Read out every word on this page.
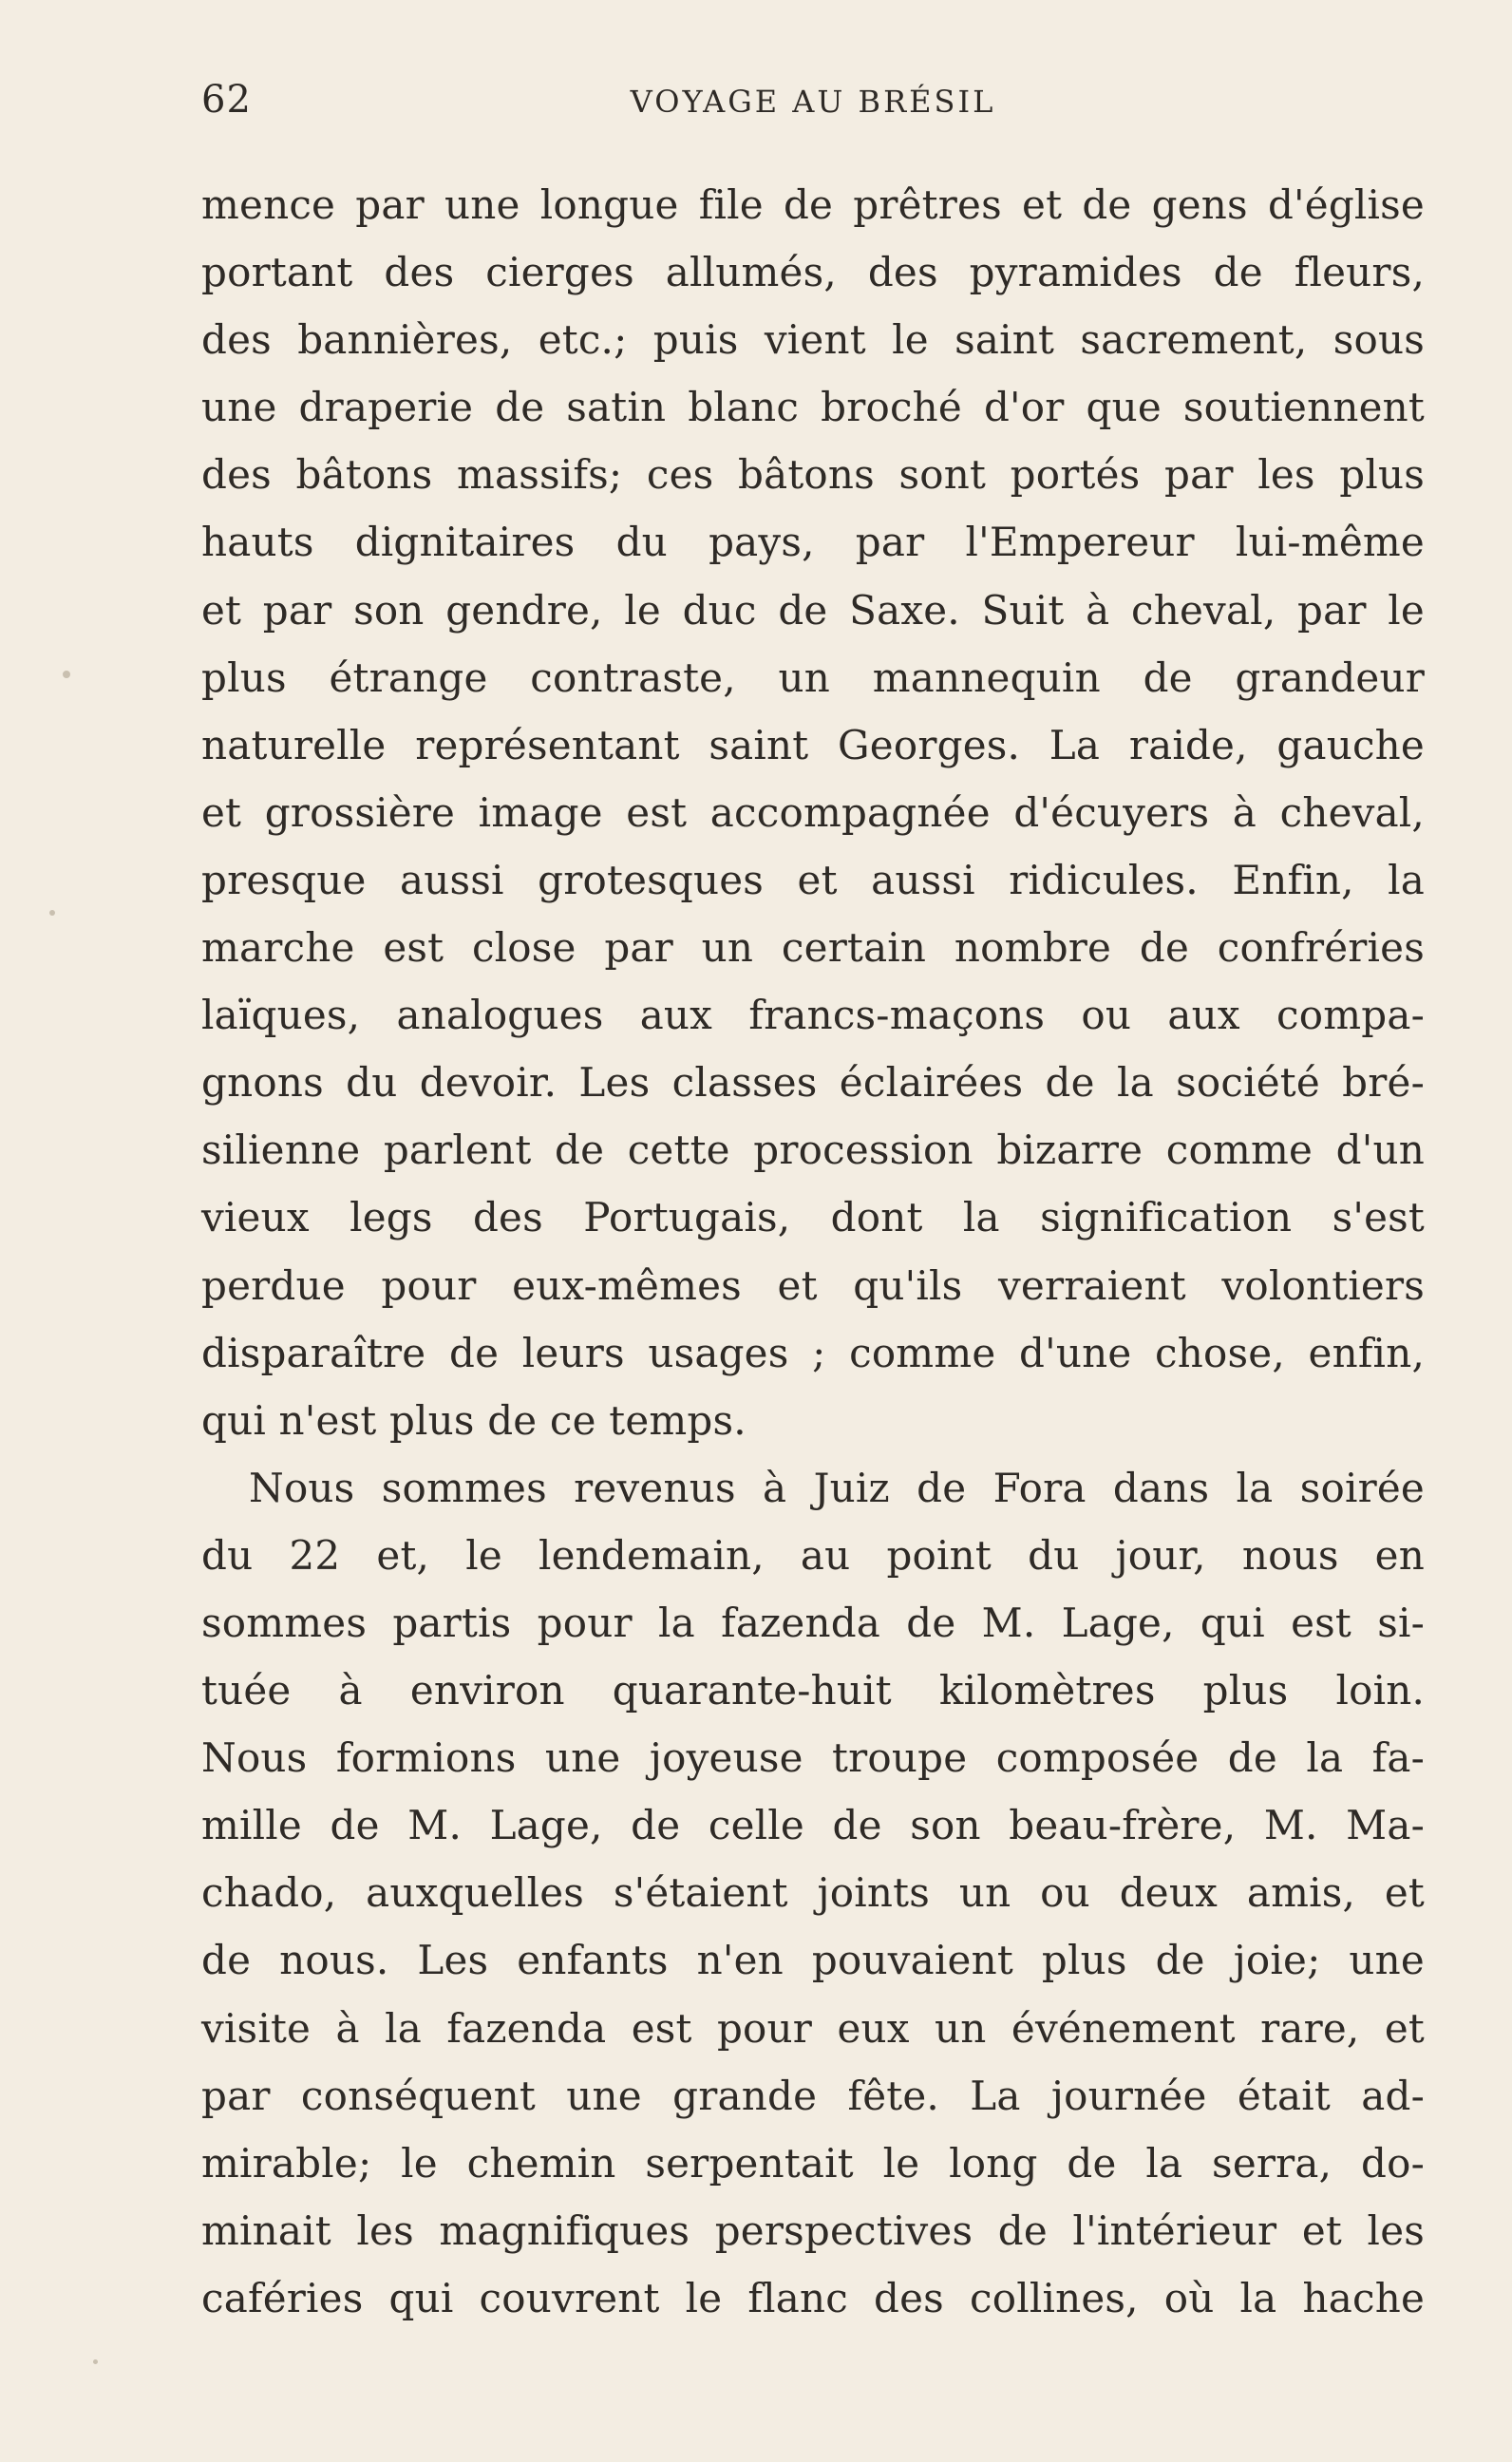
62	VOYAGE AU BRÉSIL
mence par une longue file de prêtres et de gens d'église
portant des cierges allumés, des pyramides de fleurs,
des bannières, etc.; puis vient le saint sacrement, sous
une draperie de satin blanc broché d'or que soutiennent
des bâtons massifs; ces bâtons sont portés par les plus
hauts dignitaires du pays, par l'Empereur lui-même
et par son gendre, le duc de Saxe. Suit à cheval, par le
plus étrange contraste, un mannequin de grandeur
naturelle représentant saint Georges. La raide, gauche
et grossière image est accompagnée d'écuyers à cheval,
presque aussi grotesques et aussi ridicules. Enfin, la
marche est close par un certain nombre de confréries
laïques, analogues aux francs-maçons ou aux compa-
gnons du devoir. Les classes éclairées de la société bré-
silienne parlent de cette procession bizarre comme d'un
vieux legs des Portugais, dont la signification s'est
perdue pour eux-mêmes et qu'ils verraient volontiers
disparaître de leurs usages ; comme d'une chose, enfin,
qui n'est plus de ce temps.
Nous sommes revenus à Juiz de Fora dans la soirée
du 22 et, le lendemain, au point du jour, nous en
sommes partis pour la fazenda de M. Lage, qui est si-
tuée à environ quarante-huit kilomètres plus loin.
Nous formions une joyeuse troupe composée de la fa-
mille de M. Lage, de celle de son beau-frère, M. Ma-
chado, auxquelles s'étaient joints un ou deux amis, et
de nous. Les enfants n'en pouvaient plus de joie; une
visite à la fazenda est pour eux un événement rare, et
par conséquent une grande fête. La journée était ad-
mirable; le chemin serpentait le long de la serra, do-
minait les magnifiques perspectives de l'intérieur et les
caféries qui couvrent le flanc des collines, où la hache
